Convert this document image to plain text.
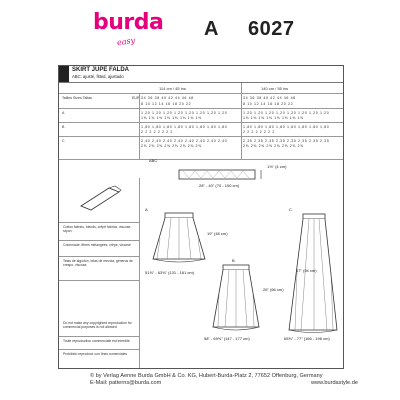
burda
easy
A 6027
SKIRT JUPE FALDA
ABC: ajusté, fitted, ajustado
114 cm / 45 ins	140 cm / 55 ins
Tailles Sizes Tallas	EUR 34 36 38 40 42 44 46 48	34 36 38 40 42 44 46 48
8 10 12 14 16 18 20 22	8 10 12 14 16 18 20 22
A	1,20 1,20 1,20 1,20 1,20 1,20 1,20 1,20	1,20 1,20 1,20 1,20 1,20 1,20 1,20 1,20
1⅜ 1⅜ 1⅜ 1⅜ 1⅜ 1⅜ 1⅜ 1⅜	1⅜ 1⅜ 1⅜ 1⅜ 1⅜ 1⅜ 1⅜ 1⅜
B	1,80 1,80 1,80 1,80 1,80 1,80 1,80 1,80	1,80 1,80 1,80 1,80 1,80 1,80 1,80 1,80
2 2 2 2 2 2 2 2	2 2 2 2 2 2 2 2
C	2,40 2,40 2,40 2,40 2,40 2,40 2,40 2,40	2,35 2,35 2,35 2,35 2,35 2,35 2,35 2,35
2⅝ 2⅝ 2⅝ 2⅝ 2⅝ 2⅝ 2⅝ 2⅝	2⅝ 2⅝ 2⅝ 2⅝ 2⅝ 2⅝ 2⅝ 2⅝
Cotton fabrics, blends, crêpe fabrics, viscose-rayon
Cotonnade, fibres mélangées, crêpe, viscose
Telas de algodón, telas de mezcla, géneros de crespo, viscosa
Do not make any copyrighted reproduction for commercial purposes is not allowed
Toute reproduction commerciale est interdite
Prohibido reproducir con fines comerciales
ABC
1⅝" (4 cm)
28" - 40" (70 - 100 cm)
A
19" (48 cm)
51⅝" - 63⅝" (131 - 161 cm)
B
26" (66 cm)
58" - 69⅝" (147 - 177 cm)
C
37" (94 cm)
65⅜" - 77" (166 - 196 cm)
© by Verlag Aenne Burda GmbH & Co. KG, Hubert-Burda-Platz 2, 77652 Offenburg, Germany
E-Mail: patterns@burda.com	www.burdastyle.de
